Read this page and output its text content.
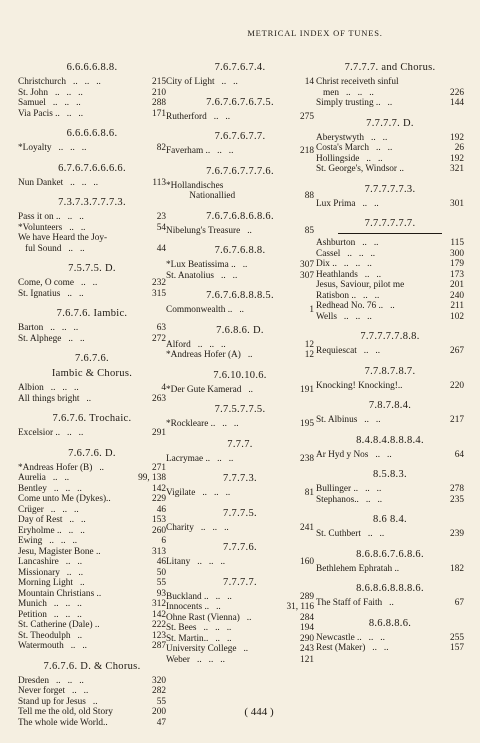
METRICAL INDEX OF TUNES.
6.6.6.6.8.8.
Christchurch   ..   ..   ..	215
St. John   ..   ..   ..	210
Samuel   ..   ..   ..	288
Via Pacis ..   ..   ..	171
6.6.6.6.8.6.
*Loyalty   ..   ..   ..	82
6.7.6.7.6.6.6.6.
Nun Danket   ..   ..   ..	113
7.3.7.3.7.7.7.3.
Pass it on ..   ..   ..	23
*Volunteers   ..   ..	54
We have Heard the Joy-
ful Sound   ..   ..	44
7.5.7.5. D.
Come, O come   ..   ..	232
St. Ignatius   ..   ..	315
7.6.7.6. Iambic.
Barton   ..   ..   ..	63
St. Alphege   ..   ..	272
7.6.7.6.
Iambic & Chorus.
Albion   ..   ..   ..	4
All things bright   ..	263
7.6.7.6. Trochaic.
Excelsior ..   ..   ..	291
7.6.7.6. D.
*Andreas Hofer (B)   ..	271
Aurelia   ..   ..	99, 138
Bentley   ..   ..   ..	142
Come unto Me (Dykes)..	229
Crüger   ..   ..   ..	46
Day of Rest   ..   ..	153
Eryholme ..   ..   ..	260
Ewing   ..   ..   ..	6
Jesu, Magister Bone ..	313
Lancashire   ..   ..	46
Missionary   ..   ..	50
Morning Light   ..	55
Mountain Christians ..	93
Munich   ..   ..   ..	312
Petition   ..   ..   ..	142
St. Catherine (Dale) ..	222
St. Theodulph   ..	123
Watermouth   ..   ..	287
7.6.7.6. D. & Chorus.
Dresden   ..   ..   ..	320
Never forget   ..   ..	282
Stand up for Jesus   ..	55
Tell me the old, old Story	200
The whole wide World..	47
7.6.7.6.7.4.
City of Light   ..   ..	14
7.6.7.6.7.6.7.5.
Rutherford   ..   ..	275
7.6.7.6.7.7.
Faverham ..   ..   ..	218
7.6.7.6.7.7.7.6.
*Hollandisches
Nationallied	88
7.6.7.6.8.6.8.6.
Nibelung's Treasure   ..	85
7.6.7.6.8.8.
*Lux Beatissima ..   ..	307
St. Anatolius   ..   ..	307
7.6.7.6.8.8.8.5.
Commonwealth ..   ..	1
7.6.8.6. D.
Alford   ..   ..   ..	12
*Andreas Hofer (A)   ..	12
7.6.10.10.6.
*Der Gute Kamerad   ..	191
7.7.5.7.7.5.
*Rockleare ..   ..   ..	195
7.7.7.
Lacrymae ..   ..   ..	238
7.7.7.3.
Vigilate   ..   ..   ..	81
7.7.7.5.
Charity   ..   ..   ..	241
7.7.7.6.
Litany   ..   ..   ..	160
7.7.7.7.
Buckland ..   ..   ..	289
Innocents ..   ..	31, 116
Ohne Rast (Vienna)   ..	284
St. Bees   ..   ..   ..	194
St. Martin..   ..   ..	290
University College   ..	243
Weber   ..   ..   ..	121
7.7.7.7. and Chorus.
Christ receiveth sinful
men   ..   ..   ..	226
Simply trusting ..   ..	144
7.7.7.7. D.
Aberystwyth   ..   ..	192
Costa's March   ..   ..	26
Hollingside   ..   ..	192
St. George's, Windsor ..	321
7.7.7.7.7.3.
Lux Prima   ..   ..	301
7.7.7.7.7.7.
Ashburton   ..   ..	115
Cassel   ..   ..   ..	300
Dix ..   ..   ..   ..	179
Heathlands   ..   ..	173
Jesus, Saviour, pilot me	201
Ratisbon ..   ..   ..	240
Redhead No. 76 ..   ..	211
Wells   ..   ..   ..	102
7.7.7.7.7.8.8.
Requiescat   ..   ..	267
7.7.8.7.8.7.
Knocking! Knocking!..	220
7.8.7.8.4.
St. Albinus   ..   ..	217
8.4.8.4.8.8.8.4.
Ar Hyd y Nos   ..   ..	64
8.5.8.3.
Bullinger ..   ..   ..	278
Stephanos..   ..   ..	235
8.6 8.4.
St. Cuthbert   ..   ..	239
8.6.8.6.7.6.8.6.
Bethlehem Ephratah ..	182
8.6.8.6.8.8.8.6.
The Staff of Faith   ..	67
8.6.8.8.6.
Newcastle ..   ..   ..	255
Rest (Maker)   ..   ..	157
( 444 )
